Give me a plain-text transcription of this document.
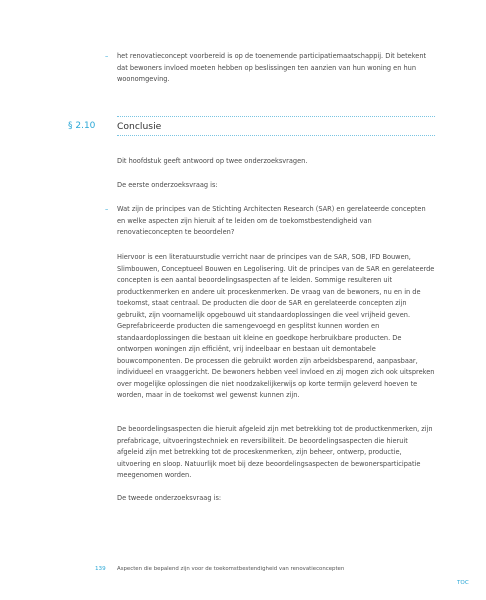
–	het renovatieconcept voorbereid is op de toenemende participatiemaatschappij. Dit betekent dat bewoners invloed moeten hebben op beslissingen ten aanzien van hun woning en hun woonomgeving.

§ 2.10 Conclusie

Dit hoofdstuk geeft antwoord op twee onderzoeksvragen.

De eerste onderzoeksvraag is:

–	Wat zijn de principes van de Stichting Architecten Research (SAR) en gerelateerde concepten en welke aspecten zijn hieruit af te leiden om de toekomstbestendigheid van renovatieconcepten te beoordelen?

Hiervoor is een literatuurstudie verricht naar de principes van de SAR, SOB, IFD Bouwen, Slimbouwen, Conceptueel Bouwen en Legolisering. Uit de principes van de SAR en gerelateerde concepten is een aantal beoordelingsaspecten af te leiden. Sommige resulteren uit productkenmerken en andere uit proceskenmerken. De vraag van de bewoners, nu en in de toekomst, staat centraal. De producten die door de SAR en gerelateerde concepten zijn gebruikt, zijn voornamelijk opgebouwd uit standaardoplossingen die veel vrijheid geven. Geprefabriceerde producten die samengevoegd en gesplitst kunnen worden en standaardoplossingen die bestaan uit kleine en goedkope herbruikbare producten. De ontworpen woningen zijn efficiënt, vrij indeelbaar en bestaan uit demontabele bouwcomponenten. De processen die gebruikt worden zijn arbeidsbesparend, aanpasbaar, individueel en vraaggericht. De bewoners hebben veel invloed en zij mogen zich ook uitspreken over mogelijke oplossingen die niet noodzakelijkerwijs op korte termijn geleverd hoeven te worden, maar in de toekomst wel gewenst kunnen zijn.

De beoordelingsaspecten die hieruit afgeleid zijn met betrekking tot de productkenmerken, zijn prefabricage, uitvoeringstechniek en reversibiliteit. De beoordelingsaspecten die hieruit afgeleid zijn met betrekking tot de proceskenmerken, zijn beheer, ontwerp, productie, uitvoering en sloop. Natuurlijk moet bij deze beoordelingsaspecten de bewonersparticipatie meegenomen worden.

De tweede onderzoeksvraag is:

139 Aspecten die bepalend zijn voor de toekomstbestendigheid van renovatieconcepten
TOC
